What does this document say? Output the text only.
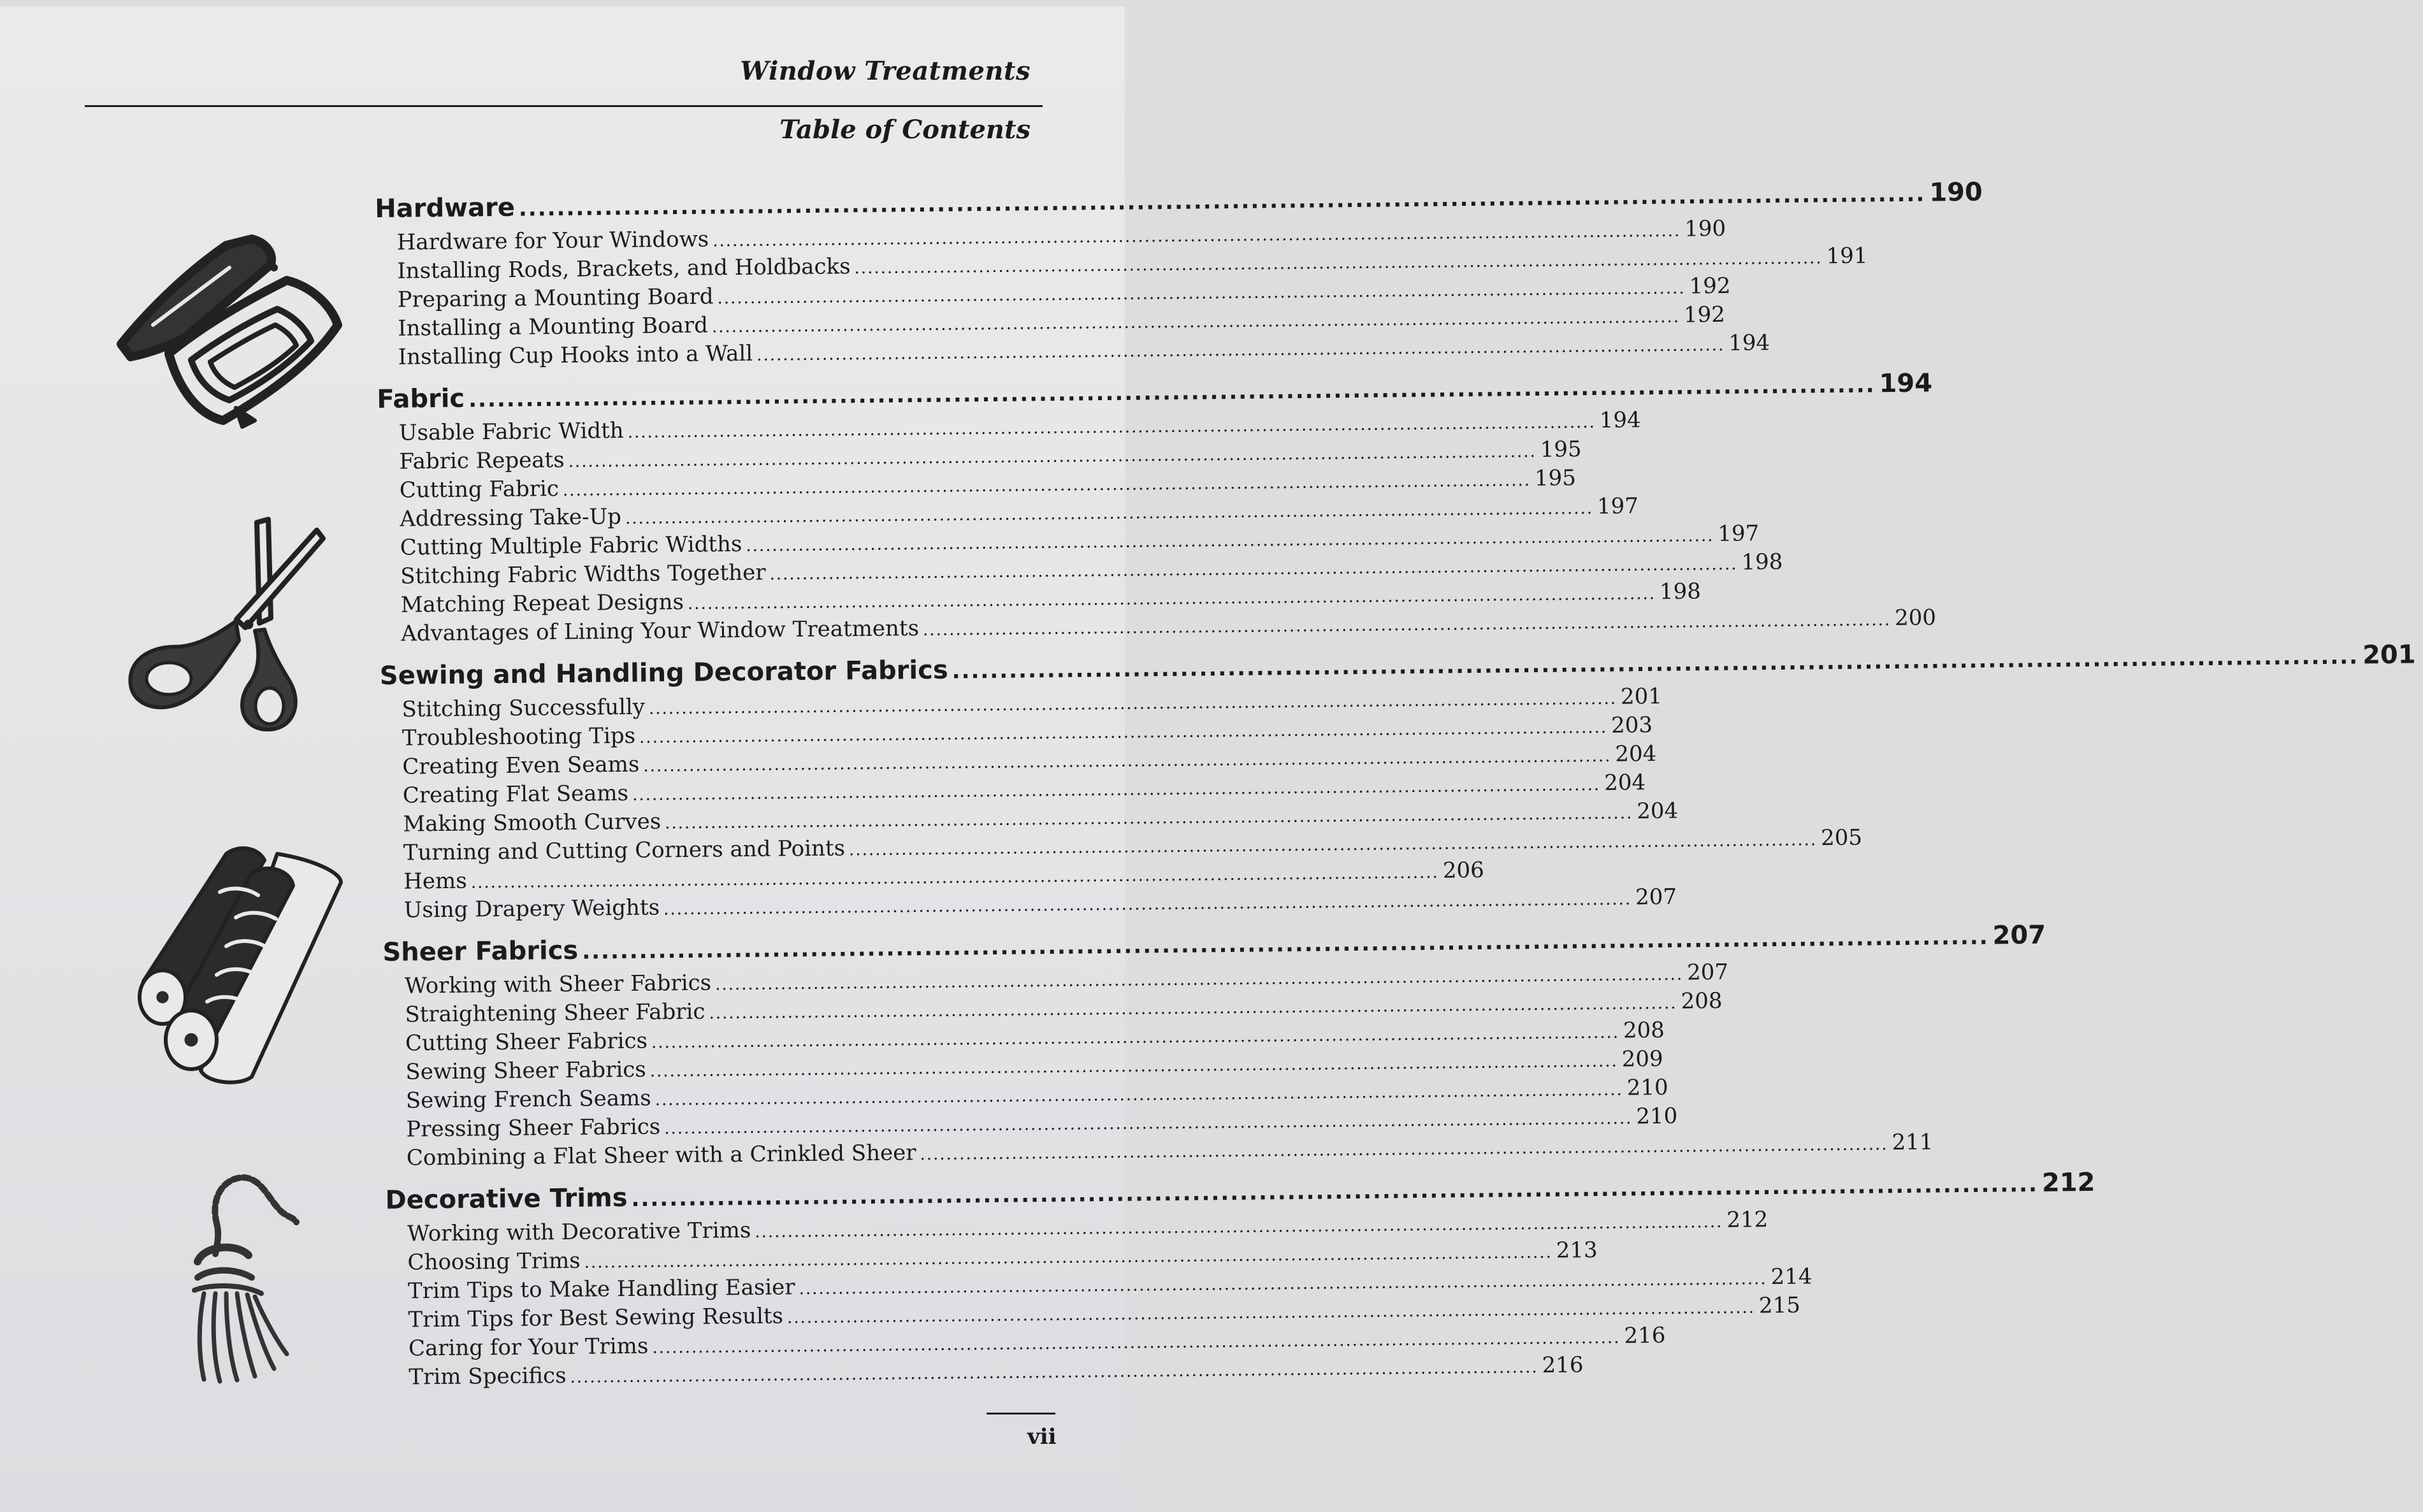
Window Treatments
Table of Contents
Hardware .................................................................................................................................................... 190
Hardware for Your Windows .................................................................................................................................................... 190
Installing Rods, Brackets, and Holdbacks .................................................................................................................................................... 191
Preparing a Mounting Board .................................................................................................................................................... 192
Installing a Mounting Board .................................................................................................................................................... 192
Installing Cup Hooks into a Wall .................................................................................................................................................... 194
Fabric .................................................................................................................................................... 194
Usable Fabric Width .................................................................................................................................................... 194
Fabric Repeats .................................................................................................................................................... 195
Cutting Fabric .................................................................................................................................................... 195
Addressing Take-Up .................................................................................................................................................... 197
Cutting Multiple Fabric Widths .................................................................................................................................................... 197
Stitching Fabric Widths Together .................................................................................................................................................... 198
Matching Repeat Designs .................................................................................................................................................... 198
Advantages of Lining Your Window Treatments .................................................................................................................................................... 200
Sewing and Handling Decorator Fabrics .................................................................................................................................................... 201
Stitching Successfully .................................................................................................................................................... 201
Troubleshooting Tips .................................................................................................................................................... 203
Creating Even Seams .................................................................................................................................................... 204
Creating Flat Seams .................................................................................................................................................... 204
Making Smooth Curves .................................................................................................................................................... 204
Turning and Cutting Corners and Points .................................................................................................................................................... 205
Hems .................................................................................................................................................... 206
Using Drapery Weights .................................................................................................................................................... 207
Sheer Fabrics .................................................................................................................................................... 207
Working with Sheer Fabrics .................................................................................................................................................... 207
Straightening Sheer Fabric .................................................................................................................................................... 208
Cutting Sheer Fabrics .................................................................................................................................................... 208
Sewing Sheer Fabrics .................................................................................................................................................... 209
Sewing French Seams .................................................................................................................................................... 210
Pressing Sheer Fabrics .................................................................................................................................................... 210
Combining a Flat Sheer with a Crinkled Sheer .................................................................................................................................................... 211
Decorative Trims .................................................................................................................................................... 212
Working with Decorative Trims .................................................................................................................................................... 212
Choosing Trims .................................................................................................................................................... 213
Trim Tips to Make Handling Easier .................................................................................................................................................... 214
Trim Tips for Best Sewing Results .................................................................................................................................................... 215
Caring for Your Trims .................................................................................................................................................... 216
Trim Specifics .................................................................................................................................................... 216
vii
